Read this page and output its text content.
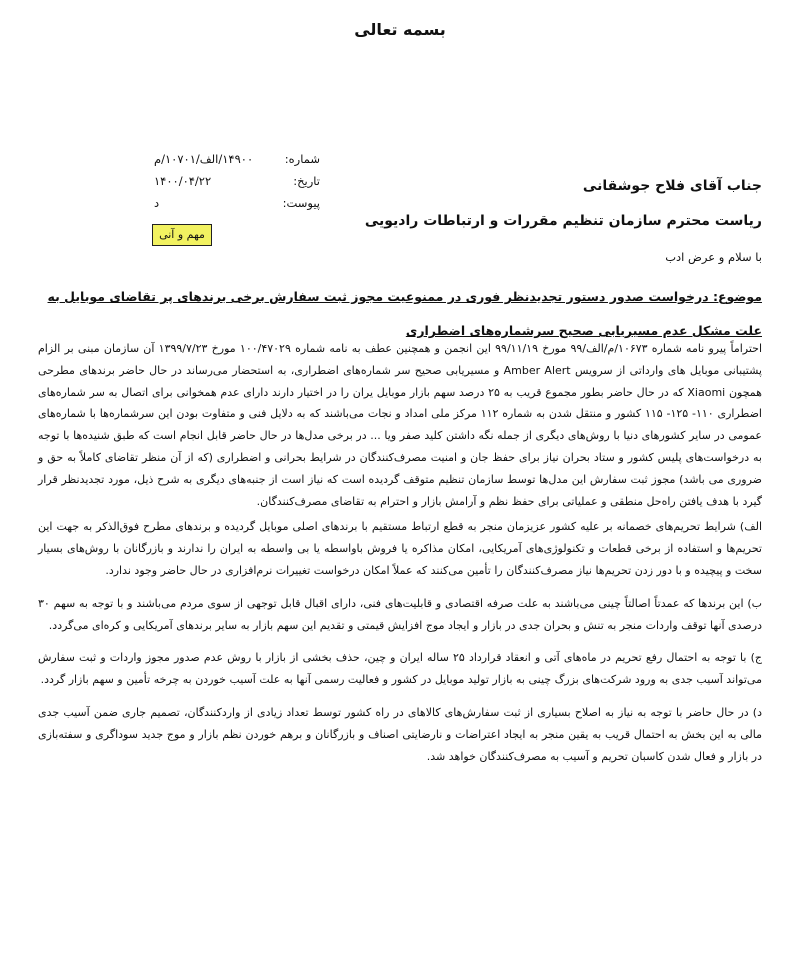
بسمه تعالی
شماره:
۱۴۹۰۰/الف/۱۰۷۰۱/م
تاریخ:
۱۴۰۰/۰۴/۲۲
پیوست:
د
مهم و آنی
جناب آقای فلاح جوشقانی
ریاست محترم سازمان تنظیم مقررات و ارتباطات رادیویی
با سلام و عرض ادب
موضوع: درخواست صدور دستور تجدیدنظر فوری در ممنوعیت مجوز ثبت سفارش برخی برندهای پر تقاضای موبایل به علت مشکل عدم مسیریابی صحیح سرشماره‌های اضطراری

احتراماً پیرو نامه شماره ۱۰۶۷۳/م/الف/۹۹ مورخ ۹۹/۱۱/۱۹ این انجمن و همچنین عطف به نامه شماره ۱۰۰/۴۷۰۲۹ مورخ ۱۳۹۹/۷/۲۳ آن سازمان مبنی بر الزام پشتیبانی موبایل های وارداتی از سرویس Amber Alert و مسیریابی صحیح سر شماره‌های اضطراری، به استحضار می‌رساند در حال حاضر برندهای مطرحی همچون Xiaomi که در حال حاضر بطور مجموع قریب به ۲۵ درصد سهم بازار موبایل یران را در اختیار دارند دارای عدم همخوانی برای اتصال به سر شماره‌های اضطراری ۱۱۰- ۱۲۵- ۱۱۵ کشور و منتقل شدن به شماره ۱۱۲ مرکز ملی امداد و نجات می‌باشند که به دلایل فنی و متفاوت بودن این سرشماره‌ها با شماره‌های عمومی در سایر کشورهای دنیا با روش‌های دیگری از جمله نگه داشتن کلید صفر ویا ... در برخی مدل‌ها در حال حاضر قابل انجام است که طبق شنیده‌ها با توجه به درخواست‌های پلیس کشور و ستاد بحران نیاز برای حفظ جان و امنیت مصرف‌کنندگان در شرایط بحرانی و اضطراری (که از آن منظر تقاضای کاملاً به حق و ضروری می باشد) مجوز ثبت سفارش این مدل‌ها توسط سازمان تنظیم متوقف گردیده است که نیاز است از جنبه‌های دیگری به شرح ذیل، مورد تجدیدنظر قرار گیرد با هدف یافتن راه‌حل منطقی و عملیاتی برای حفظ نظم و آرامش بازار و احترام به تقاضای مصرف‌کنندگان.

الف) شرایط تحریم‌های خصمانه بر علیه کشور عزیزمان منجر به قطع ارتباط مستقیم با برندهای اصلی موبایل گردیده و برندهای مطرح فوق‌الذکر به جهت این تحریم‌ها و استفاده از برخی قطعات و تکنولوژی‌های آمریکایی، امکان مذاکره یا فروش باواسطه یا بی واسطه به ایران را ندارند و بازرگانان با روش‌های بسیار سخت و پیچیده و با دور زدن تحریم‌ها نیاز مصرف‌کنندگان را تأمین می‌کنند که عملاً امکان درخواست تغییرات نرم‌افزاری در حال حاضر وجود ندارد.

ب) این برندها که عمدتاً اصالتاً چینی می‌باشند به علت صرفه اقتصادی و قابلیت‌های فنی، دارای اقبال قابل توجهی از سوی مردم می‌باشند و با توجه به سهم ۳۰ درصدی آنها توقف واردات منجر به تنش و بحران جدی در بازار و ایجاد موج افزایش قیمتی و تقدیم این سهم بازار به سایر برندهای آمریکایی و کره‌ای می‌گردد.

ج) با توجه به احتمال رفع تحریم در ماه‌های آتی و انعقاد قرارداد ۲۵ ساله ایران و چین، حذف بخشی از بازار با روش عدم صدور مجوز واردات و ثبت سفارش می‌تواند آسیب جدی به ورود شرکت‌های بزرگ چینی به بازار تولید موبایل در کشور و فعالیت رسمی آنها به علت آسیب خوردن به چرخه تأمین و سهم بازار گردد.

د) در حال حاضر با توجه به نیاز به اصلاح بسیاری از ثبت سفارش‌های کالاهای در راه کشور توسط تعداد زیادی از واردکنندگان، تصمیم جاری ضمن آسیب جدی مالی به این بخش به احتمال قریب به یقین منجر به ایجاد اعتراضات و نارضایتی اصناف و بازرگانان و برهم خوردن نظم بازار و موج جدید سوداگری و سفته‌بازی در بازار و فعال شدن کاسبان تحریم و آسیب به مصرف‌کنندگان خواهد شد.
